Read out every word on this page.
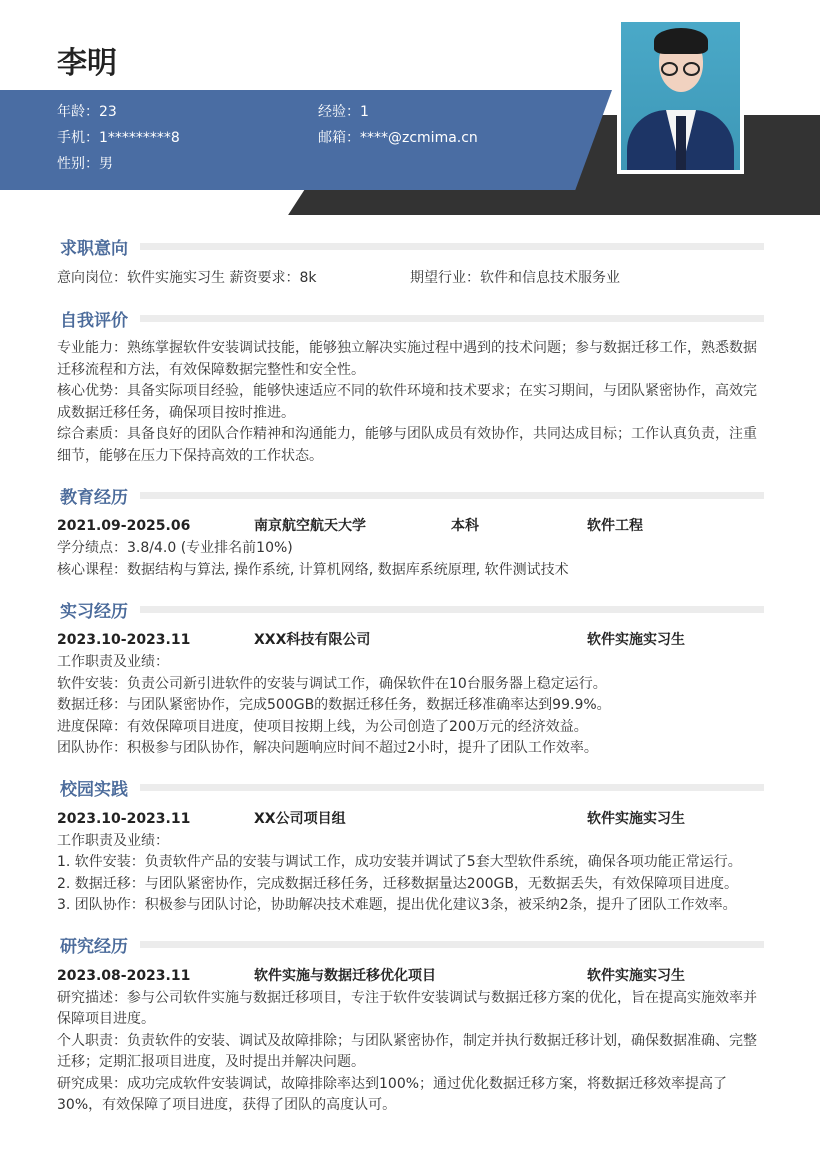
李明
年龄：23	经验：1
手机：1*********8	邮箱：****@zcmima.cn
性别：男
求职意向
意向岗位：软件实施实习生 薪资要求：8k	期望行业：软件和信息技术服务业
自我评价

专业能力：熟练掌握软件安装调试技能，能够独立解决实施过程中遇到的技术问题；参与数据迁移工作，熟悉数据迁移流程和方法，有效保障数据完整性和安全性。

核心优势：具备实际项目经验，能够快速适应不同的软件环境和技术要求；在实习期间，与团队紧密协作，高效完成数据迁移任务，确保项目按时推进。

综合素质：具备良好的团队合作精神和沟通能力，能够与团队成员有效协作，共同达成目标；工作认真负责，注重细节，能够在压力下保持高效的工作状态。

教育经历
2021.09-2025.06	南京航空航天大学	本科	软件工程

学分绩点：3.8/4.0 (专业排名前10%)

核心课程：数据结构与算法, 操作系统, 计算机网络, 数据库系统原理, 软件测试技术

实习经历
2023.10-2023.11	XXX科技有限公司	软件实施实习生

工作职责及业绩：

软件安装：负责公司新引进软件的安装与调试工作，确保软件在10台服务器上稳定运行。

数据迁移：与团队紧密协作，完成500GB的数据迁移任务，数据迁移准确率达到99.9%。

进度保障：有效保障项目进度，使项目按期上线，为公司创造了200万元的经济效益。

团队协作：积极参与团队协作，解决问题响应时间不超过2小时，提升了团队工作效率。

校园实践
2023.10-2023.11	XX公司项目组	软件实施实习生

工作职责及业绩：

1. 软件安装：负责软件产品的安装与调试工作，成功安装并调试了5套大型软件系统，确保各项功能正常运行。

2. 数据迁移：与团队紧密协作，完成数据迁移任务，迁移数据量达200GB，无数据丢失，有效保障项目进度。

3. 团队协作：积极参与团队讨论，协助解决技术难题，提出优化建议3条，被采纳2条，提升了团队工作效率。

研究经历
2023.08-2023.11	软件实施与数据迁移优化项目	软件实施实习生

研究描述：参与公司软件实施与数据迁移项目，专注于软件安装调试与数据迁移方案的优化，旨在提高实施效率并保障项目进度。

个人职责：负责软件的安装、调试及故障排除；与团队紧密协作，制定并执行数据迁移计划，确保数据准确、完整迁移；定期汇报项目进度，及时提出并解决问题。

研究成果：成功完成软件安装调试，故障排除率达到100%；通过优化数据迁移方案，将数据迁移效率提高了30%，有效保障了项目进度，获得了团队的高度认可。
